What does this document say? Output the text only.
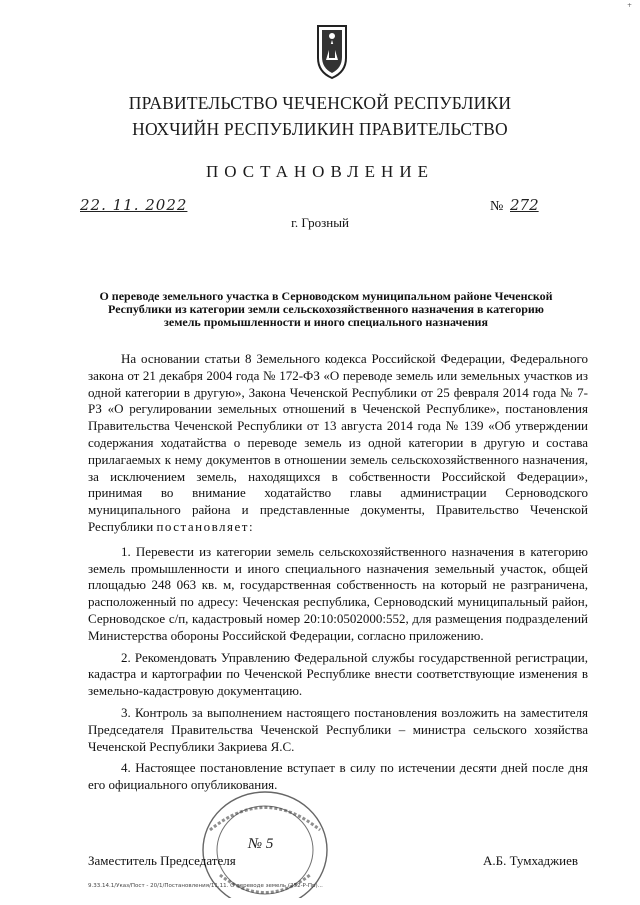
+
ПРАВИТЕЛЬСТВО ЧЕЧЕНСКОЙ РЕСПУБЛИКИ
НОХЧИЙН РЕСПУБЛИКИН ПРАВИТЕЛЬСТВО
ПОСТАНОВЛЕНИЕ
22. 11. 2022	№ 272
г. Грозный
О переводе земельного участка в Серноводском муниципальном районе Чеченской Республики из категории земли сельскохозяйственного назначения в категорию земель промышленности и иного специального назначения

На основании статьи 8 Земельного кодекса Российской Федерации, Федерального закона от 21 декабря 2004 года № 172-ФЗ «О переводе земель или земельных участков из одной категории в другую», Закона Чеченской Республики от 25 февраля 2014 года № 7-РЗ «О регулировании земельных отношений в Чеченской Республике», постановления Правительства Чеченской Республики от 13 августа 2014 года № 139 «Об утверждении содержания ходатайства о переводе земель из одной категории в другую и состава прилагаемых к нему документов в отношении земель сельскохозяйственного назначения, за исключением земель, находящихся в собственности Российской Федерации», принимая во внимание ходатайство главы администрации Серноводского муниципального района и представленные документы, Правительство Чеченской Республики постановляет:

1. Перевести из категории земель сельскохозяйственного назначения в категорию земель промышленности и иного специального назначения земельный участок, общей площадью 248 063 кв. м, государственная собственность на который не разграничена, расположенный по адресу: Чеченская республика, Серноводский муниципальный район, Серноводское с/п, кадастровый номер 20:10:0502000:552, для размещения подразделений Министерства обороны Российской Федерации, согласно приложению.

2. Рекомендовать Управлению Федеральной службы государственной регистрации, кадастра и картографии по Чеченской Республике внести соответствующие изменения в земельно-кадастровую документацию.

3. Контроль за выполнением настоящего постановления возложить на заместителя Председателя Правительства Чеченской Республики – министра сельского хозяйства Чеченской Республики Закриева Я.С.

4. Настоящее постановление вступает в силу по истечении десяти дней после дня его официального опубликования.

№ 5
Заместитель Председателя	А.Б. Тумхаджиев
9.33.14.1/Указ/Пост - 20/1/Постановления/11.11. О переводе земель (252-Р-Пр)...
